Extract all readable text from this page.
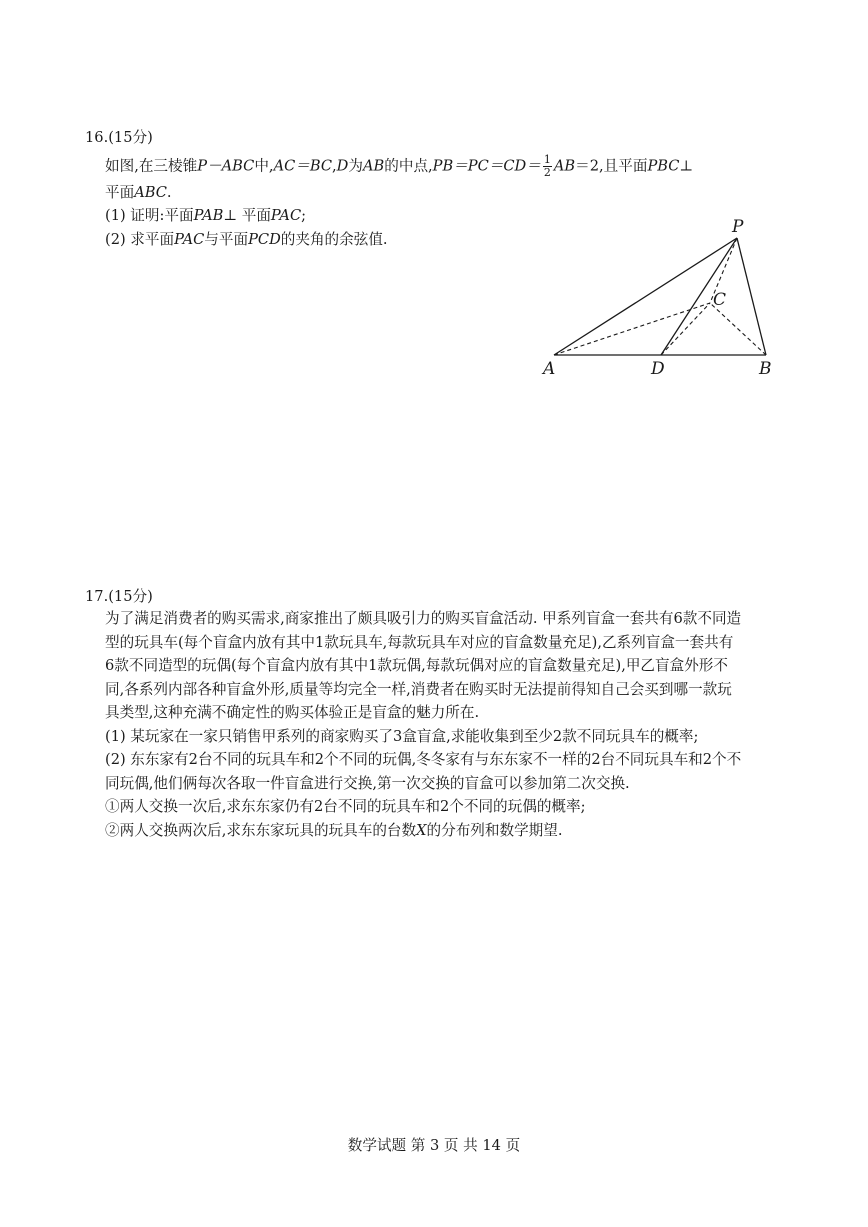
16.(15分)
如图,在三棱锥P－ABC中,AC＝BC,D为AB的中点$,PB=PC=CD= \frac{1}{2} AB=2$,且平面PBC⊥
平面ABC.
(1) 证明:平面PAB⊥ 平面PAC;
(2) 求平面PAC与平面PCD的夹角的余弦值.
P
C
A	D	B
17.(15分)
为了满足消费者的购买需求,商家推出了颇具吸引力的购买盲盒活动. 甲系列盲盒一套共有6款不同造
型的玩具车(每个盲盒内放有其中1款玩具车,每款玩具车对应的盲盒数量充足),乙系列盲盒一套共有
6款不同造型的玩偶(每个盲盒内放有其中1款玩偶,每款玩偶对应的盲盒数量充足),甲乙盲盒外形不
同,各系列内部各种盲盒外形,质量等均完全一样,消费者在购买时无法提前得知自己会买到哪一款玩
具类型,这种充满不确定性的购买体验正是盲盒的魅力所在.
(1) 某玩家在一家只销售甲系列的商家购买了3盒盲盒,求能收集到至少2款不同玩具车的概率;
(2) 东东家有2台不同的玩具车和2个不同的玩偶,冬冬家有与东东家不一样的2台不同玩具车和2个不
同玩偶,他们俩每次各取一件盲盒进行交换,第一次交换的盲盒可以参加第二次交换.
①两人交换一次后,求东东家仍有2台不同的玩具车和2个不同的玩偶的概率;
②两人交换两次后,求东东家玩具的玩具车的台数X的分布列和数学期望.
数学试题 第 3 页 共 14 页
